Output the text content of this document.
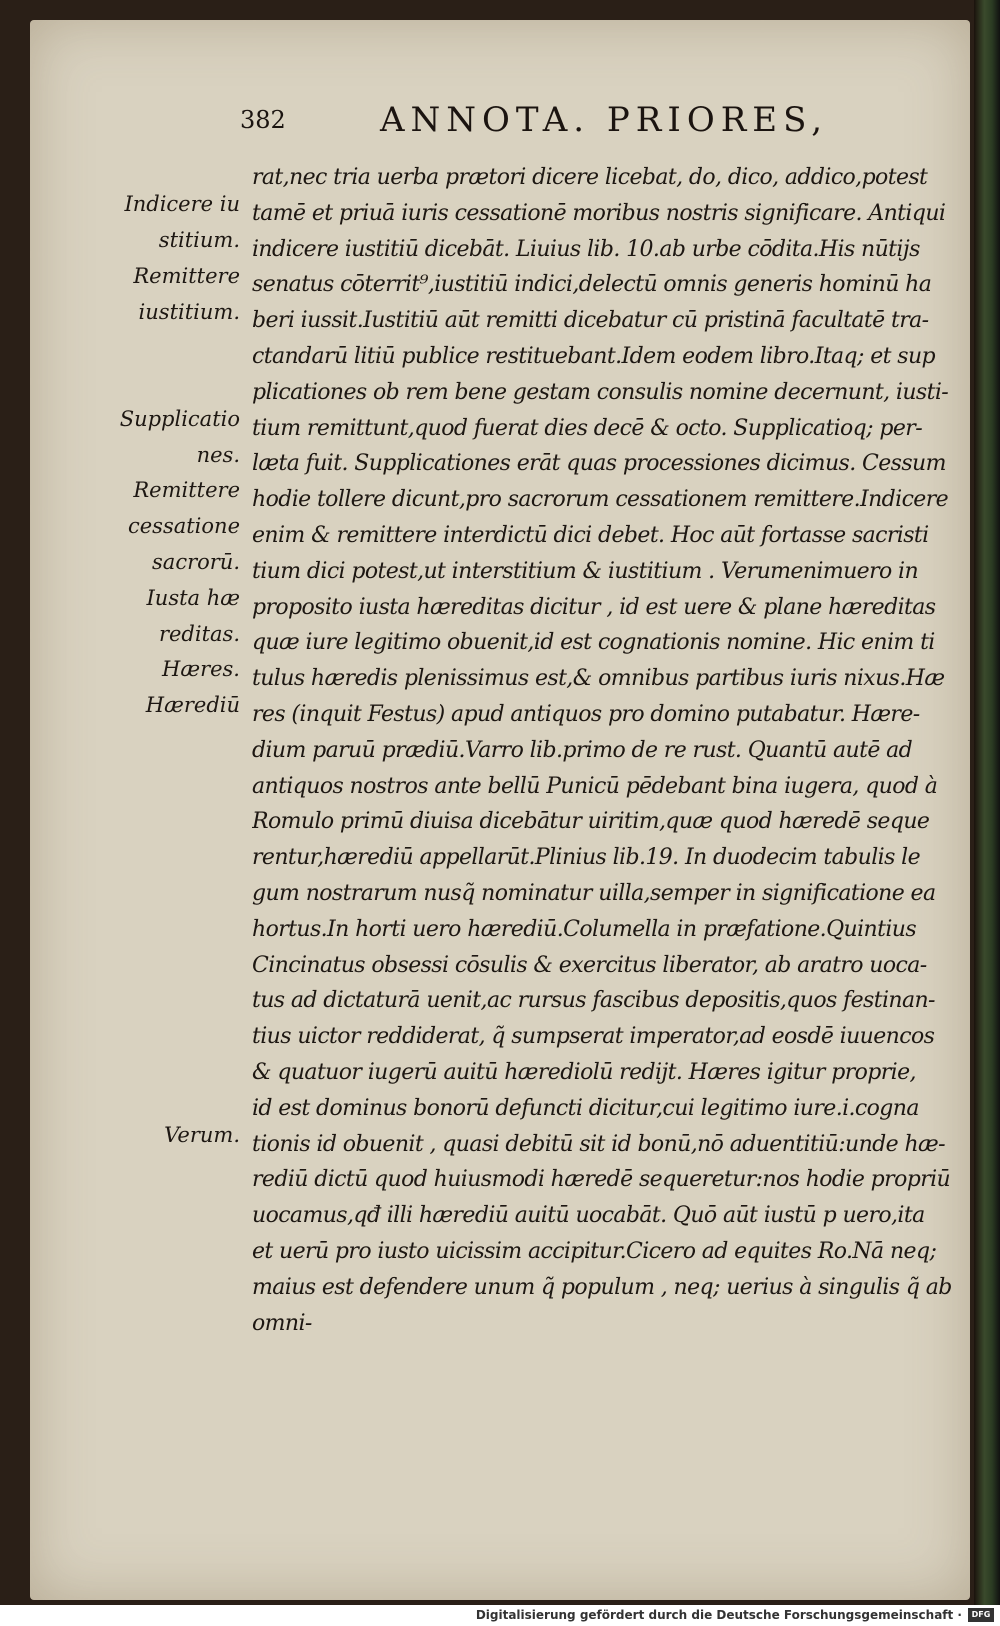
382	ANNOTA. PRIORES,
Indicere iu stitium.
Remittere iustitium.
Supplicatio nes.
Remittere cessatione sacrorū.
Iusta hæ reditas.
Hæres.
Hærediū
Verum.
rat,nec tria uerba prætori dicere licebat, do, dico, addico,potest
tamē et priuā iuris cessationē moribus nostris significare. Antiqui
indicere iustitiū dicebāt. Liuius lib. 10.ab urbe cōdita.His nūtijs
senatus cōterrit⁹,iustitiū indici,delectū omnis generis hominū ha
beri iussit.Iustitiū aūt remitti dicebatur cū pristinā facultatē tra-
ctandarū litiū publice restituebant.Idem eodem libro.Itaq; et sup
plicationes ob rem bene gestam consulis nomine decernunt, iusti-
tium remittunt,quod fuerat dies decē & octo. Supplicatioq; per-
læta fuit. Supplicationes erāt quas processiones dicimus. Cessum
hodie tollere dicunt,pro sacrorum cessationem remittere.Indicere
enim & remittere interdictū dici debet. Hoc aūt fortasse sacristi
tium dici potest,ut interstitium & iustitium . Verumenimuero in
proposito iusta hæreditas dicitur , id est uere & plane hæreditas
quæ iure legitimo obuenit,id est cognationis nomine. Hic enim ti
tulus hæredis plenissimus est,& omnibus partibus iuris nixus.Hæ
res (inquit Festus) apud antiquos pro domino putabatur. Hære-
dium paruū prædiū.Varro lib.primo de re rust. Quantū autē ad
antiquos nostros ante bellū Punicū pēdebant bina iugera, quod à
Romulo primū diuisa dicebātur uiritim,quæ quod hæredē seque
rentur,hærediū appellarūt.Plinius lib.19. In duodecim tabulis le
gum nostrarum nusq̃ nominatur uilla,semper in significatione ea
hortus.In horti uero hærediū.Columella in præfatione.Quintius
Cincinatus obsessi cōsulis & exercitus liberator, ab aratro uoca-
tus ad dictaturā uenit,ac rursus fascibus depositis,quos festinan-
tius uictor reddiderat, q̃ sumpserat imperator,ad eosdē iuuencos
& quatuor iugerū auitū hærediolū redijt. Hæres igitur proprie,
id est dominus bonorū defuncti dicitur,cui legitimo iure.i.cogna
tionis id obuenit , quasi debitū sit id bonū,nō aduentitiū:unde hæ-
rediū dictū quod huiusmodi hæredē sequeretur:nos hodie propriū
uocamus,qđ illi hærediū auitū uocabāt. Quō aūt iustū p uero,ita
et uerū pro iusto uicissim accipitur.Cicero ad equites Ro.Nā neq;
maius est defendere unum q̃ populum , neq; uerius à singulis q̃ ab
omni-
Digitalisierung gefördert durch die Deutsche Forschungsgemeinschaft ·	DFG
